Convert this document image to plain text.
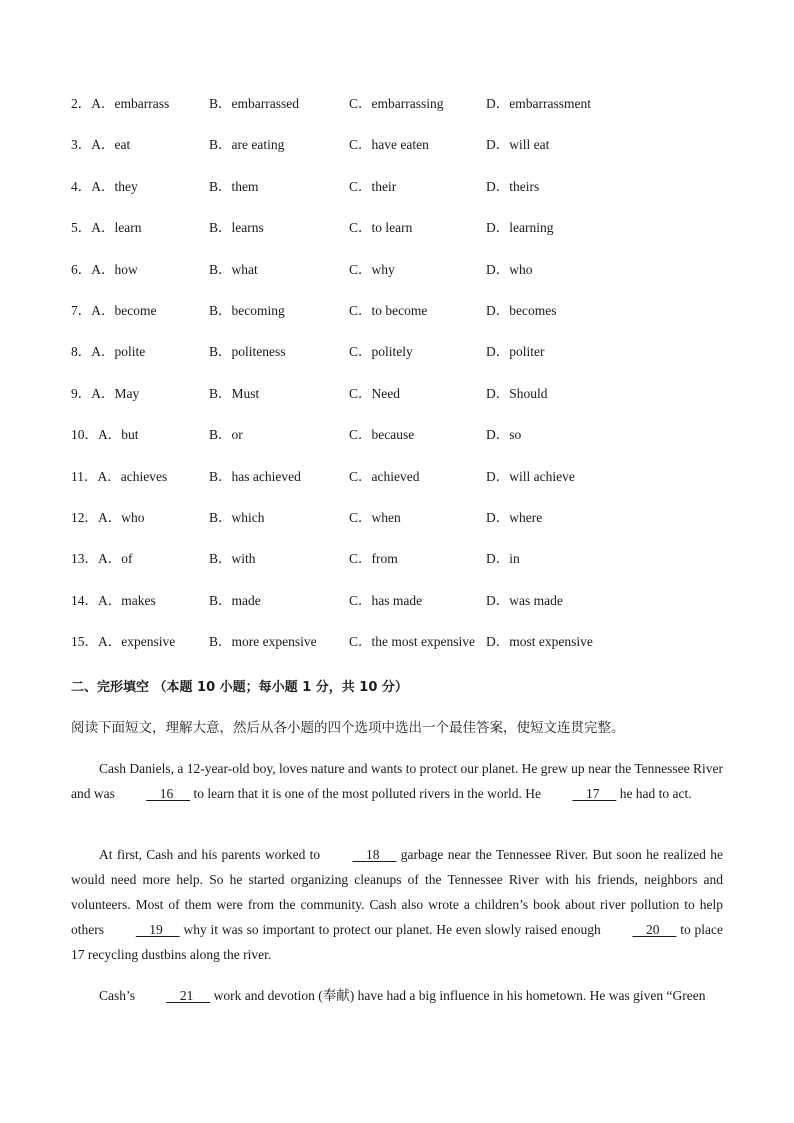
2．A．embarrass	B．embarrassed	C．embarrassing	D．embarrassment
3．A．eat	B．are eating	C．have eaten	D．will eat
4．A．they	B．them	C．their	D．theirs
5．A．learn	B．learns	C．to learn	D．learning
6．A．how	B．what	C．why	D．who
7．A．become	B．becoming	C．to become	D．becomes
8．A．polite	B．politeness	C．politely	D．politer
9．A．May	B．Must	C．Need	D．Should
10．A．but	B．or	C．because	D．so
11．A．achieves	B．has achieved	C．achieved	D．will achieve
12．A．who	B．which	C．when	D．where
13．A．of	B．with	C．from	D．in
14．A．makes	B．made	C．has made	D．was made
15．A．expensive	B．more expensive C．the most expensive D．most expensive
二、完形填空 （本题 10 小题；每小题 1 分，共 10 分）
阅读下面短文，理解大意，然后从各小题的四个选项中选出一个最佳答案，使短文连贯完整。

Cash Daniels, a 12-year-old boy, loves nature and wants to protect our planet. He grew up near the Tennessee River and was     16      to learn that it is one of the most polluted rivers in the world. He     17      he had to act.

At first, Cash and his parents worked to     18      garbage near the Tennessee River. But soon he realized he would need more help. So he started organizing cleanups of the Tennessee River with his friends, neighbors and volunteers. Most of them were from the community. Cash also wrote a children’s book about river pollution to help others     19      why it was so important to protect our planet. He even slowly raised enough     20      to place 17 recycling dustbins along the river.

Cash’s     21      work and devotion (奉献) have had a big influence in his hometown. He was given “Green
